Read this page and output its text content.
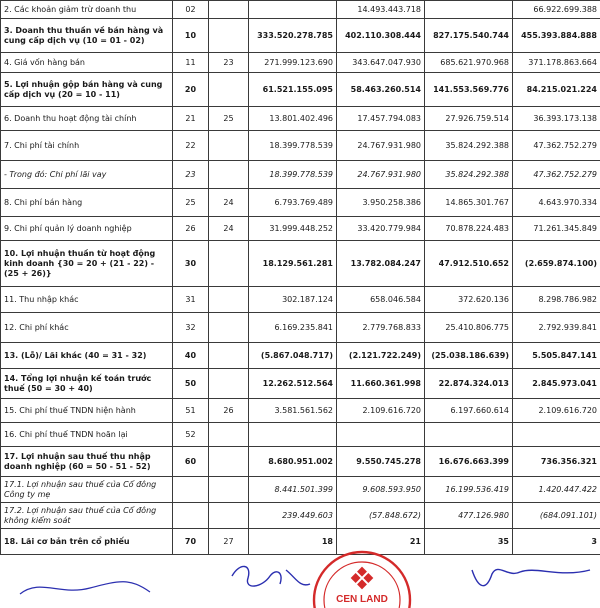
2. Các khoản giảm trừ doanh thu	02			14.493.443.718		66.922.699.388
3. Doanh thu thuần về bán hàng và cung cấp dịch vụ (10 = 01 - 02)	10		333.520.278.785	402.110.308.444	827.175.540.744	455.393.884.888
4. Giá vốn hàng bán	11	23	271.999.123.690	343.647.047.930	685.621.970.968	371.178.863.664
5. Lợi nhuận gộp bán hàng và cung cấp dịch vụ (20 = 10 - 11)	20		61.521.155.095	58.463.260.514	141.553.569.776	84.215.021.224
6. Doanh thu hoạt động tài chính	21	25	13.801.402.496	17.457.794.083	27.926.759.514	36.393.173.138
7. Chi phí tài chính	22		18.399.778.539	24.767.931.980	35.824.292.388	47.362.752.279
- Trong đó: Chi phí lãi vay	23		18.399.778.539	24.767.931.980	35.824.292.388	47.362.752.279
8. Chi phí bán hàng	25	24	6.793.769.489	3.950.258.386	14.865.301.767	4.643.970.334
9. Chi phí quản lý doanh nghiệp	26	24	31.999.448.252	33.420.779.984	70.878.224.483	71.261.345.849
10. Lợi nhuận thuần từ hoạt động kinh doanh {30 = 20 + (21 - 22) - (25 + 26)}	30		18.129.561.281	13.782.084.247	47.912.510.652	(2.659.874.100)
11. Thu nhập khác	31		302.187.124	658.046.584	372.620.136	8.298.786.982
12. Chi phí khác	32		6.169.235.841	2.779.768.833	25.410.806.775	2.792.939.841
13. (Lỗ)/ Lãi khác (40 = 31 - 32)	40		(5.867.048.717)	(2.121.722.249)	(25.038.186.639)	5.505.847.141
14. Tổng lợi nhuận kế toán trước thuế (50 = 30 + 40)	50		12.262.512.564	11.660.361.998	22.874.324.013	2.845.973.041
15. Chi phí thuế TNDN hiện hành	51	26	3.581.561.562	2.109.616.720	6.197.660.614	2.109.616.720
16. Chi phí thuế TNDN hoãn lại	52					
17. Lợi nhuận sau thuế thu nhập doanh nghiệp (60 = 50 - 51 - 52)	60		8.680.951.002	9.550.745.278	16.676.663.399	736.356.321
17.1. Lợi nhuận sau thuế của Cổ đông Công ty mẹ			8.441.501.399	9.608.593.950	16.199.536.419	1.420.447.422
17.2. Lợi nhuận sau thuế của Cổ đông không kiểm soát			239.449.603	(57.848.672)	477.126.980	(684.091.101)
18. Lãi cơ bản trên cổ phiếu	70	27	18	21	35	3
CEN LAND
